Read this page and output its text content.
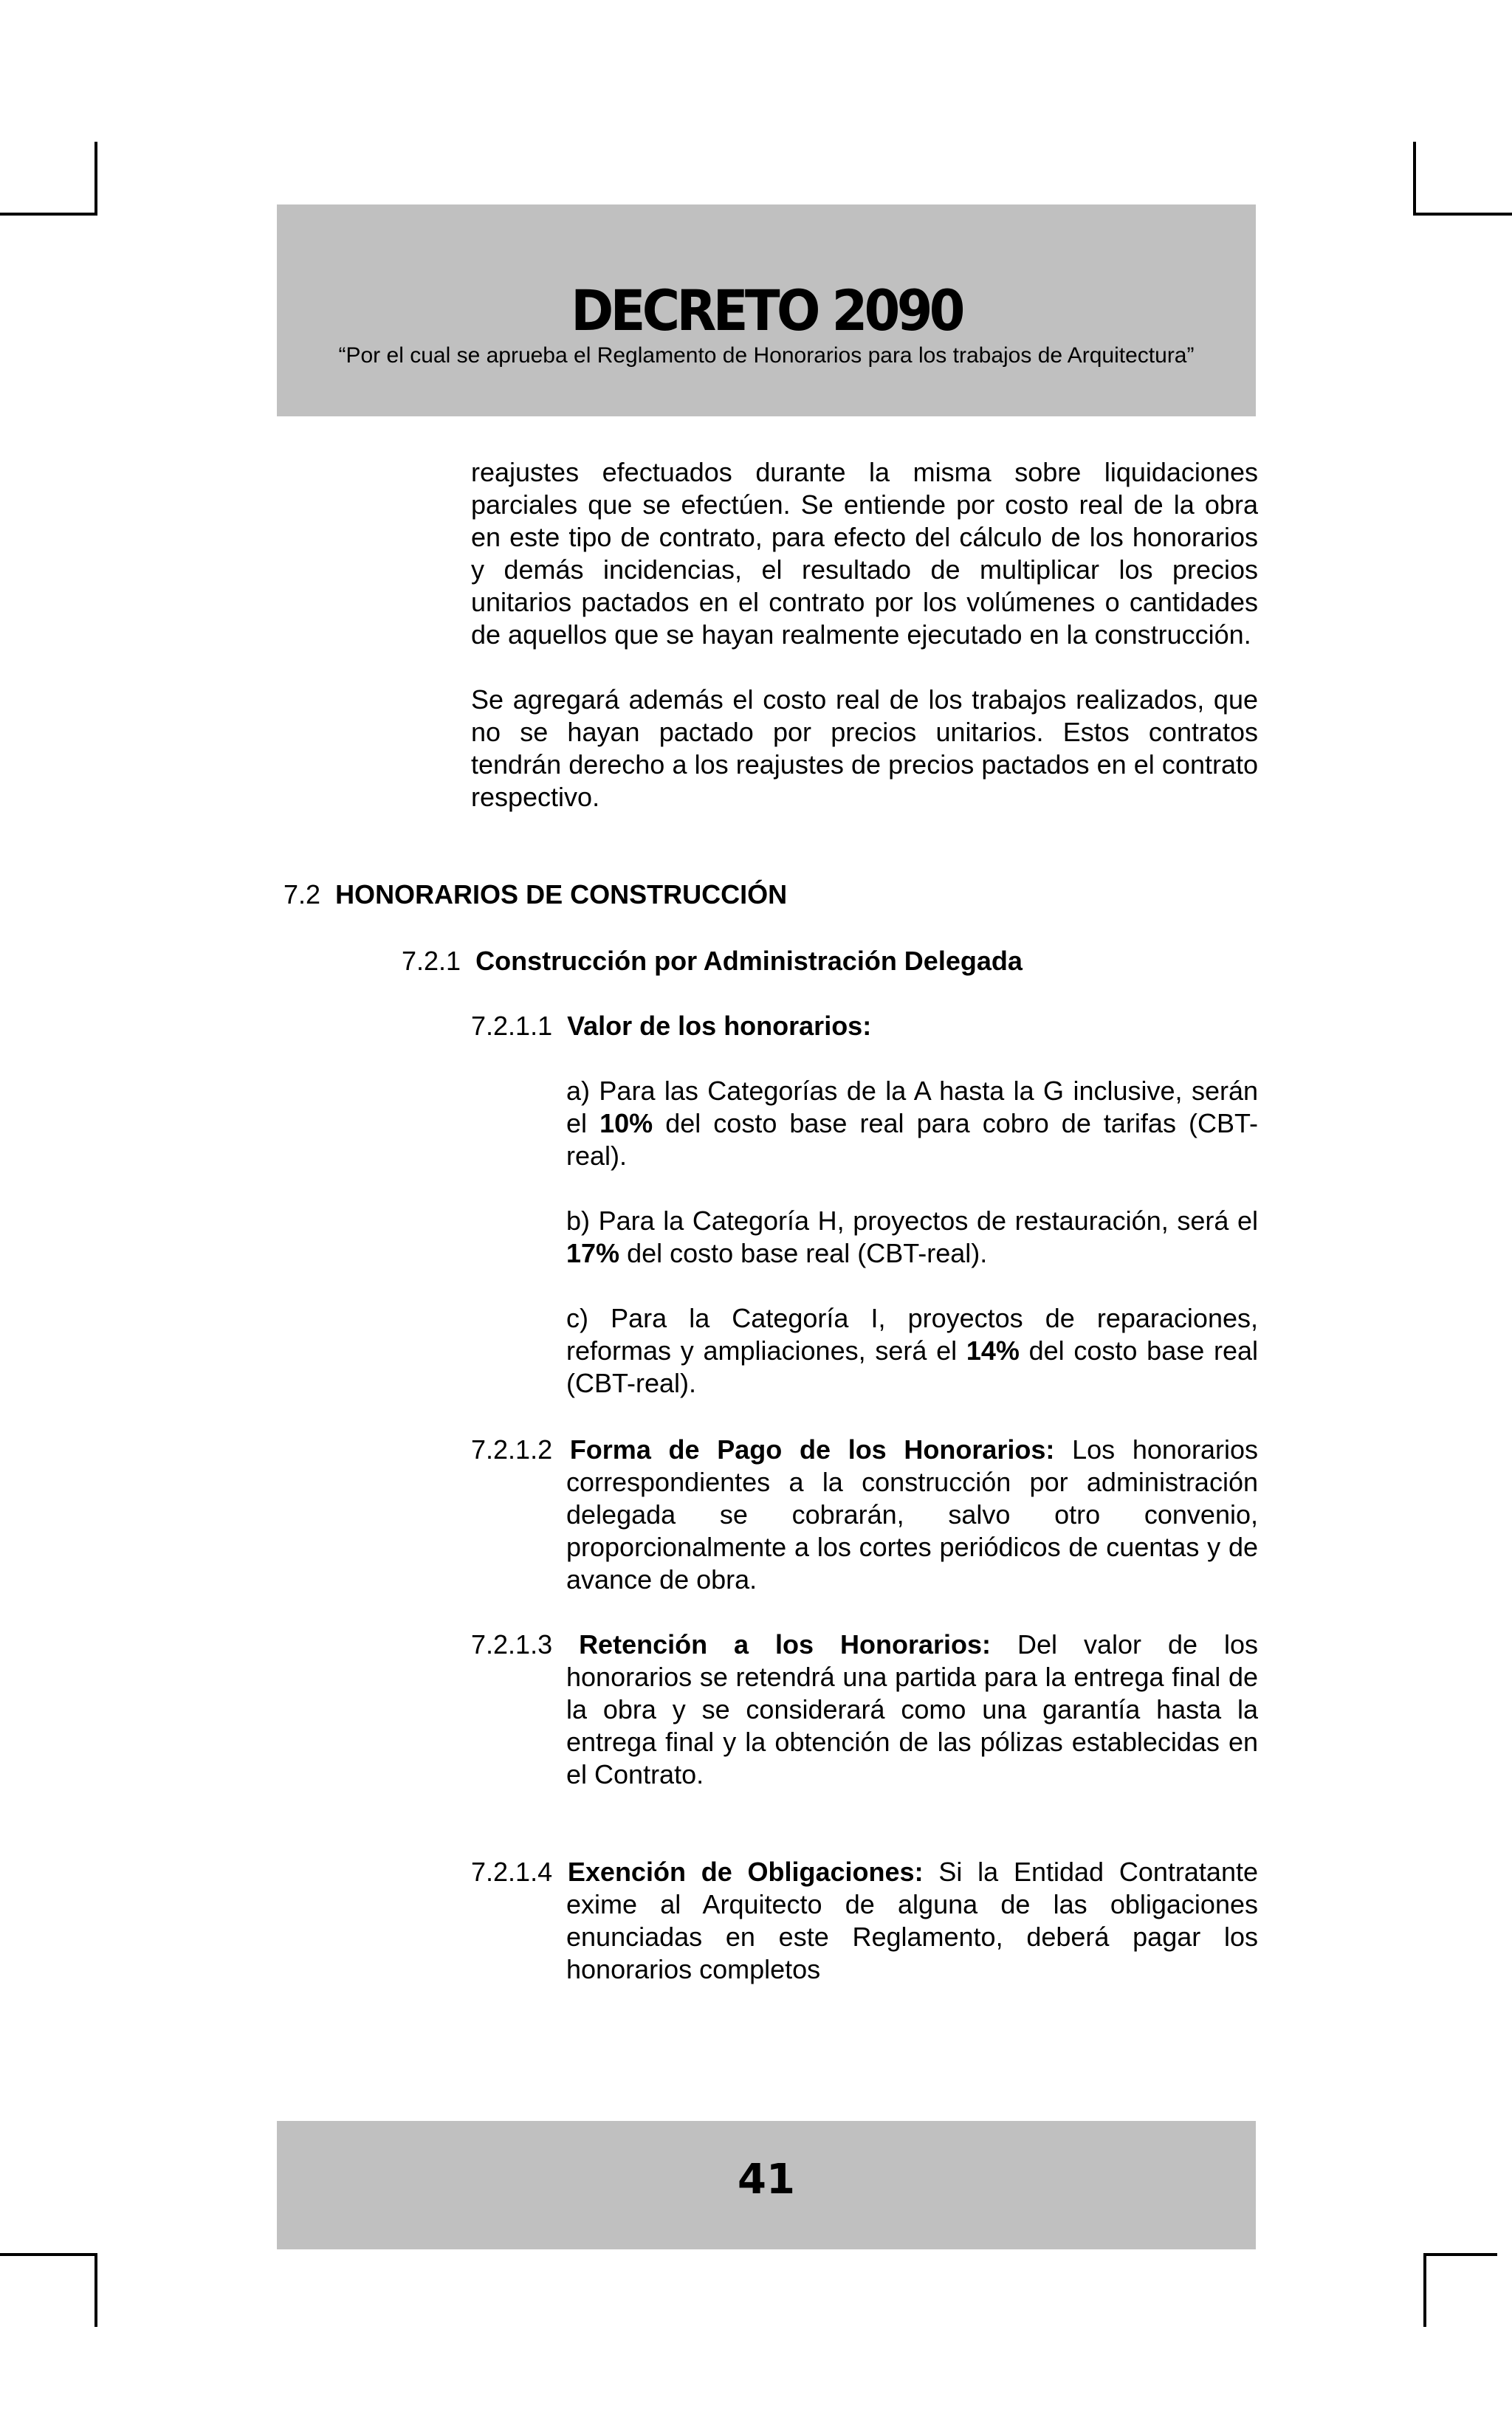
DECRETO 2090
“Por el cual se aprueba el Reglamento de Honorarios para los trabajos de Arquitectura”

reajustes efectuados durante la misma sobre liquidaciones parciales que se efectúen. Se entiende por costo real de la obra en este tipo de contrato, para efecto del cálculo de los honorarios y demás incidencias, el resultado de multiplicar los precios unitarios pactados en el contrato por los volúmenes o cantidades de aquellos que se hayan realmente ejecutado en la construcción.

Se agregará además el costo real de los trabajos realizados, que no se hayan pactado por precios unitarios. Estos contratos tendrán derecho a los reajustes de precios pactados en el contrato respectivo.

7.2 HONORARIOS DE CONSTRUCCIÓN
7.2.1 Construcción por Administración Delegada
7.2.1.1 Valor de los honorarios:

a) Para las Categorías de la A hasta la G inclusive, serán el 10% del costo base real para cobro de tarifas (CBT-real).

b) Para la Categoría H, proyectos de restauración, será el 17% del costo base real (CBT-real).

c) Para la Categoría I, proyectos de reparaciones, reformas y ampliaciones, será el 14% del costo base real (CBT-real).

7.2.1.2 Forma de Pago de los Honorarios: Los honorarios
correspondientes a la construcción por administración delegada se cobrarán, salvo otro convenio, proporcionalmente a los cortes periódicos de cuentas y de avance de obra.
7.2.1.3 Retención a los Honorarios: Del valor de los
honorarios se retendrá una partida para la entrega final de la obra y se considerará como una garantía hasta la entrega final y la obtención de las pólizas establecidas en el Contrato.
7.2.1.4 Exención de Obligaciones: Si la Entidad Contratante
exime al Arquitecto de alguna de las obligaciones enunciadas en este Reglamento, deberá pagar los honorarios completos
41
